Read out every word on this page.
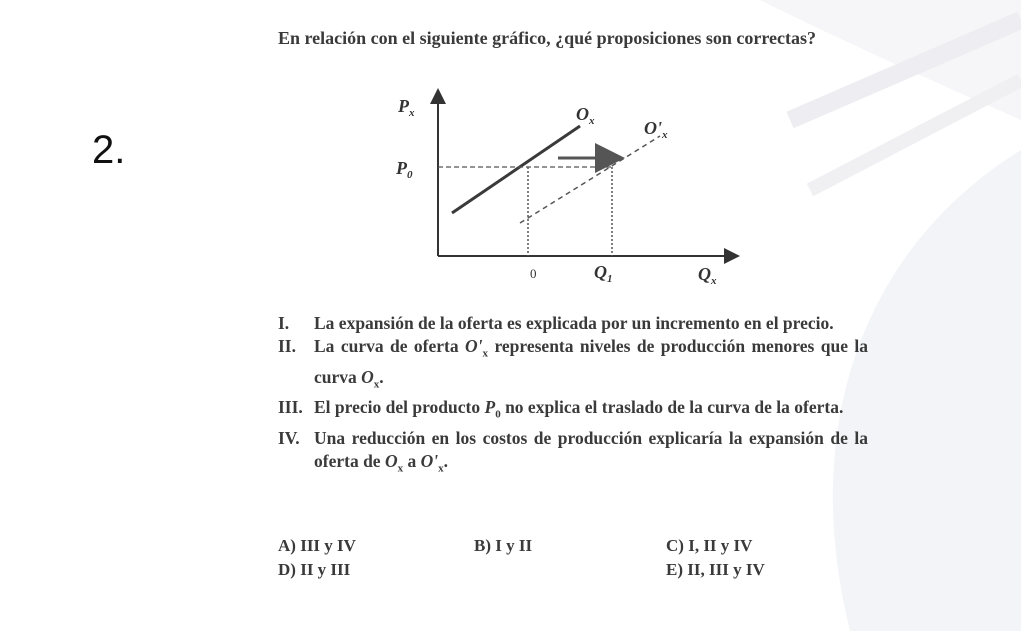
2.
En relación con el siguiente gráfico, ¿qué proposiciones son correctas?
$P_x$
$P_0$
$O_x$	$O'_x$
0	$Q_1$	$Q_x$
I.	La expansión de la oferta es explicada por un incremento en el precio.
II.	La curva de oferta $O'_x$ representa niveles de producción menores que la curva $O_x$.
III. El precio del producto $P_0$ no explica el traslado de la curva de la oferta.
IV. Una reducción en los costos de producción explicaría la expansión de la oferta de $O_x$ a $O'_x$.
A) III y IV	B) I y II	C) I, II y IV
D) II y III	E) II, III y IV
